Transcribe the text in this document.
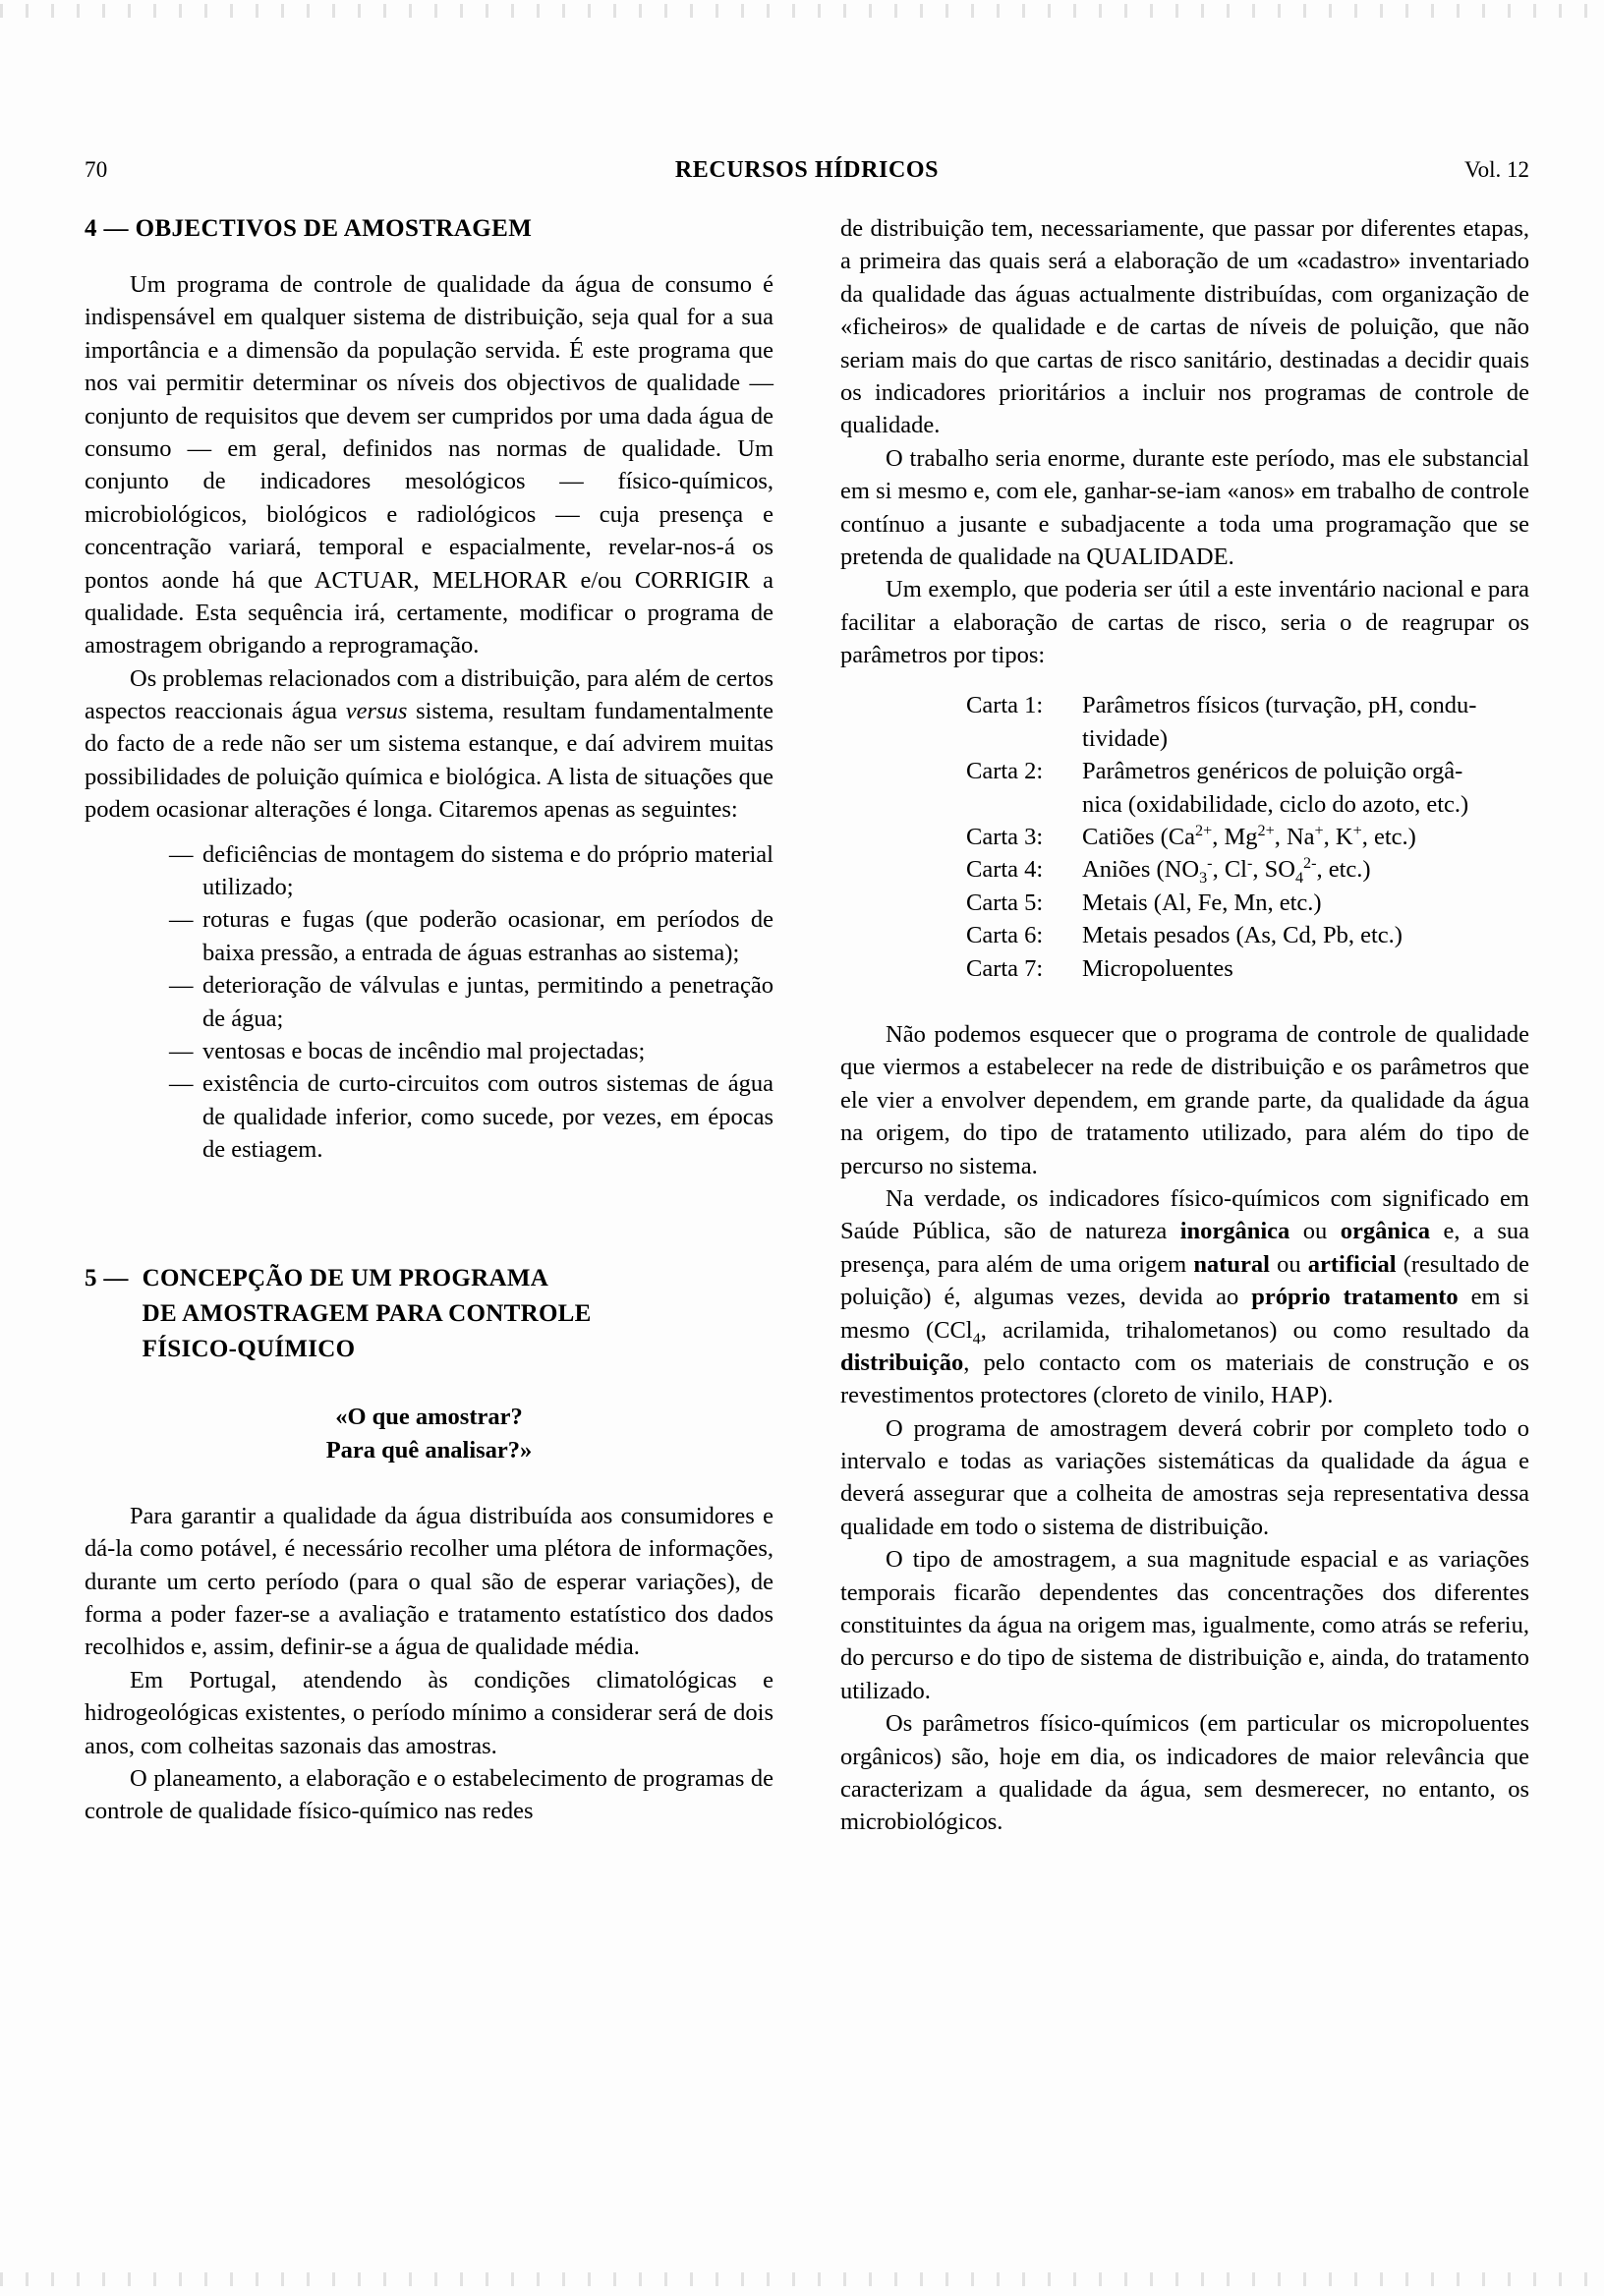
70	RECURSOS HÍDRICOS	Vol. 12
4 — OBJECTIVOS DE AMOSTRAGEM

Um programa de controle de qualidade da água de consumo é indispensável em qualquer sistema de distribuição, seja qual for a sua importância e a dimensão da população servida. É este programa que nos vai permitir determinar os níveis dos objectivos de qualidade — conjunto de requisitos que devem ser cumpridos por uma dada água de consumo — em geral, definidos nas normas de qualidade. Um conjunto de indicadores mesológicos — físico-químicos, microbiológicos, biológicos e radiológicos — cuja presença e concentração variará, temporal e espacialmente, revelar-nos-á os pontos aonde há que ACTUAR, MELHORAR e/ou CORRIGIR a qualidade. Esta sequência irá, certamente, modificar o programa de amostragem obrigando a reprogramação.

Os problemas relacionados com a distribuição, para além de certos aspectos reaccionais água versus sistema, resultam fundamentalmente do facto de a rede não ser um sistema estanque, e daí advirem muitas possibilidades de poluição química e biológica. A lista de situações que podem ocasionar alterações é longa. Citaremos apenas as seguintes:

— deficiências de montagem do sistema e do próprio material utilizado;
— roturas e fugas (que poderão ocasionar, em períodos de baixa pressão, a entrada de águas estranhas ao sistema);
— deterioração de válvulas e juntas, permitindo a penetração de água;
— ventosas e bocas de incêndio mal projectadas;
— existência de curto-circuitos com outros sistemas de água de qualidade inferior, como sucede, por vezes, em épocas de estiagem.
5 — CONCEPÇÃO DE UM PROGRAMA
DE AMOSTRAGEM PARA CONTROLE
FÍSICO-QUÍMICO

«O que amostrar?

Para quê analisar?»

Para garantir a qualidade da água distribuída aos consumidores e dá-la como potável, é necessário recolher uma plétora de informações, durante um certo período (para o qual são de esperar variações), de forma a poder fazer-se a avaliação e tratamento estatístico dos dados recolhidos e, assim, definir-se a água de qualidade média.

Em Portugal, atendendo às condições climatológicas e hidrogeológicas existentes, o período mínimo a considerar será de dois anos, com colheitas sazonais das amostras.

O planeamento, a elaboração e o estabelecimento de programas de controle de qualidade físico-químico nas redes

de distribuição tem, necessariamente, que passar por diferentes etapas, a primeira das quais será a elaboração de um «cadastro» inventariado da qualidade das águas actualmente distribuídas, com organização de «ficheiros» de qualidade e de cartas de níveis de poluição, que não seriam mais do que cartas de risco sanitário, destinadas a decidir quais os indicadores prioritários a incluir nos programas de controle de qualidade.

O trabalho seria enorme, durante este período, mas ele substancial em si mesmo e, com ele, ganhar-se-iam «anos» em trabalho de controle contínuo a jusante e subadjacente a toda uma programação que se pretenda de qualidade na QUALIDADE.

Um exemplo, que poderia ser útil a este inventário nacional e para facilitar a elaboração de cartas de risco, seria o de reagrupar os parâmetros por tipos:

Carta 1:	Parâmetros físicos (turvação, pH, condu-
tividade)
Carta 2:	Parâmetros genéricos de poluição orgâ-
nica (oxidabilidade, ciclo do azoto, etc.)
Carta 3:	Catiões ($Ca^{2+}$, $Mg^{2+}$, Na+, K+, etc.)
Carta 4:	Aniões ($NO_3^-$, Cl-, $SO_4^{2-}$, etc.)
Carta 5:	Metais (Al, Fe, Mn, etc.)
Carta 6:	Metais pesados (As, Cd, Pb, etc.)
Carta 7:	Micropoluentes

Não podemos esquecer que o programa de controle de qualidade que viermos a estabelecer na rede de distribuição e os parâmetros que ele vier a envolver dependem, em grande parte, da qualidade da água na origem, do tipo de tratamento utilizado, para além do tipo de percurso no sistema.

Na verdade, os indicadores físico-químicos com significado em Saúde Pública, são de natureza inorgânica ou orgânica e, a sua presença, para além de uma origem natural ou artificial (resultado de poluição) é, algumas vezes, devida ao próprio tratamento em si mesmo (CCl$_4$, acrilamida, trihalometanos) ou como resultado da distribuição, pelo contacto com os materiais de construção e os revestimentos protectores (cloreto de vinilo, HAP).

O programa de amostragem deverá cobrir por completo todo o intervalo e todas as variações sistemáticas da qualidade da água e deverá assegurar que a colheita de amostras seja representativa dessa qualidade em todo o sistema de distribuição.

O tipo de amostragem, a sua magnitude espacial e as variações temporais ficarão dependentes das concentrações dos diferentes constituintes da água na origem mas, igualmente, como atrás se referiu, do percurso e do tipo de sistema de distribuição e, ainda, do tratamento utilizado.

Os parâmetros físico-químicos (em particular os micropoluentes orgânicos) são, hoje em dia, os indicadores de maior relevância que caracterizam a qualidade da água, sem desmerecer, no entanto, os microbiológicos.
